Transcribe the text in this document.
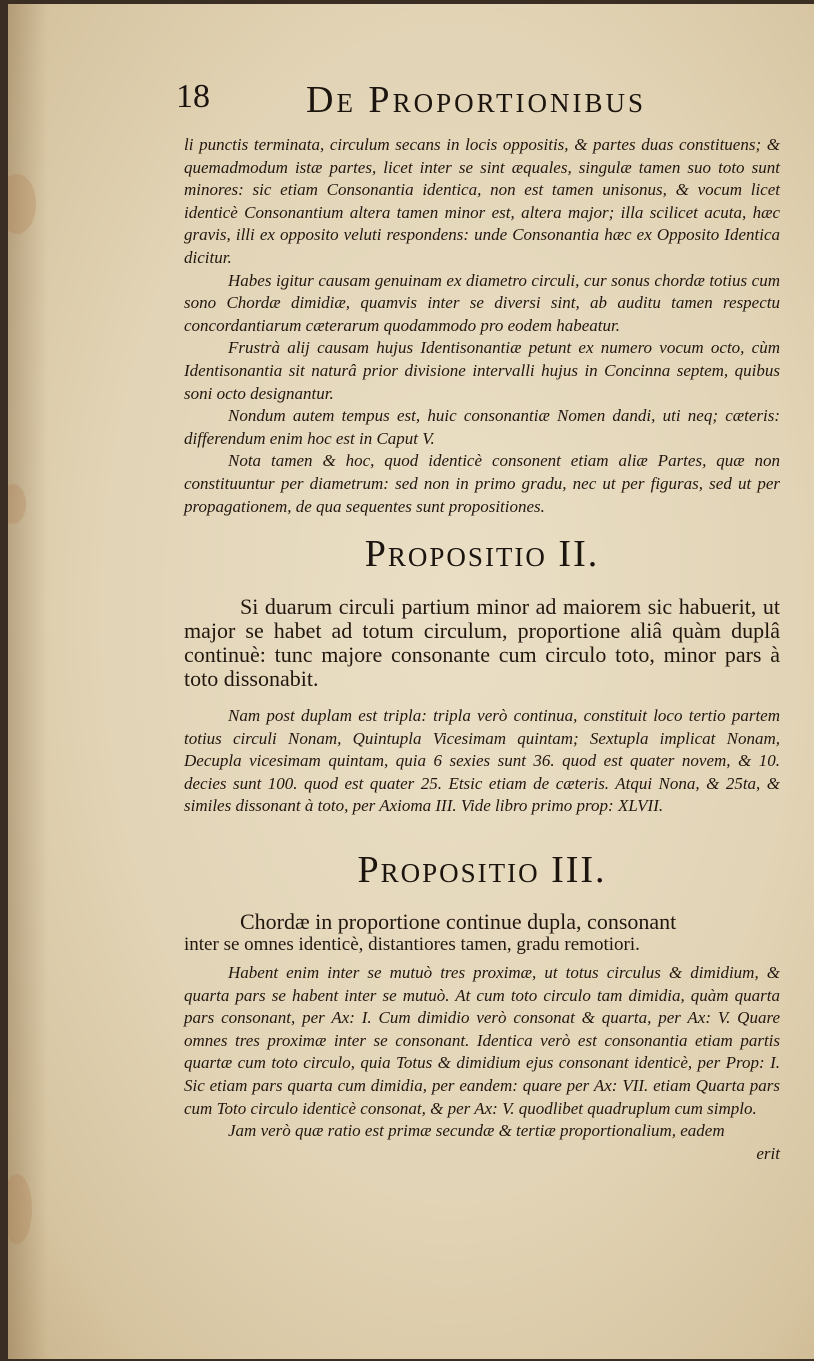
18	De Proportionibus

li punctis terminata, circulum secans in locis oppositis, & partes duas constituens; & quemadmodum istæ partes, licet inter se sint æquales, singulæ tamen suo toto sunt minores: sic etiam Consonantia identica, non est tamen unisonus, & vocum licet identicè Consonantium altera tamen minor est, altera major; illa scilicet acuta, hæc gravis, illi ex opposito veluti respondens: unde Consonantia hæc ex Opposito Identica dicitur.

Habes igitur causam genuinam ex diametro circuli, cur sonus chordæ totius cum sono Chordæ dimidiæ, quamvis inter se diversi sint, ab auditu tamen respectu concordantiarum cæterarum quodammodo pro eodem habeatur.

Frustrà alij causam hujus Identisonantiæ petunt ex numero vocum octo, cùm Identisonantia sit naturâ prior divisione intervalli hujus in Concinna septem, quibus soni octo designantur.

Nondum autem tempus est, huic consonantiæ Nomen dandi, uti neq; cæteris: differendum enim hoc est in Caput V.

Nota tamen & hoc, quod identicè consonent etiam aliæ Partes, quæ non constituuntur per diametrum: sed non in primo gradu, nec ut per figuras, sed ut per propagationem, de qua sequentes sunt propositiones.

Propositio II.

Si duarum circuli partium minor ad maiorem sic habuerit, ut major se habet ad totum circulum, proportione aliâ quàm duplâ continuè: tunc majore consonante cum circulo toto, minor pars à toto dissonabit.

Nam post duplam est tripla: tripla verò continua, constituit loco tertio partem totius circuli Nonam, Quintupla Vicesimam quintam; Sextupla implicat Nonam, Decupla vicesimam quintam, quia 6 sexies sunt 36. quod est quater novem, & 10. decies sunt 100. quod est quater 25. Etsic etiam de cæteris. Atqui Nona, & 25ta, & similes dissonant à toto, per Axioma III. Vide libro primo prop: XLVII.

Propositio III.
Chordæ in proportione continue dupla, consonant
inter se omnes identicè, distantiores tamen, gradu remotiori.

Habent enim inter se mutuò tres proximæ, ut totus circulus & dimidium, & quarta pars se habent inter se mutuò. At cum toto circulo tam dimidia, quàm quarta pars consonant, per Ax: I. Cum dimidio verò consonat & quarta, per Ax: V. Quare omnes tres proximæ inter se consonant. Identica verò est consonantia etiam partis quartæ cum toto circulo, quia Totus & dimidium ejus consonant identicè, per Prop: I. Sic etiam pars quarta cum dimidia, per eandem: quare per Ax: VII. etiam Quarta pars cum Toto circulo identicè consonat, & per Ax: V. quodlibet quadruplum cum simplo.

Jam verò quæ ratio est primæ secundæ & tertiæ proportionalium, eadem

erit
